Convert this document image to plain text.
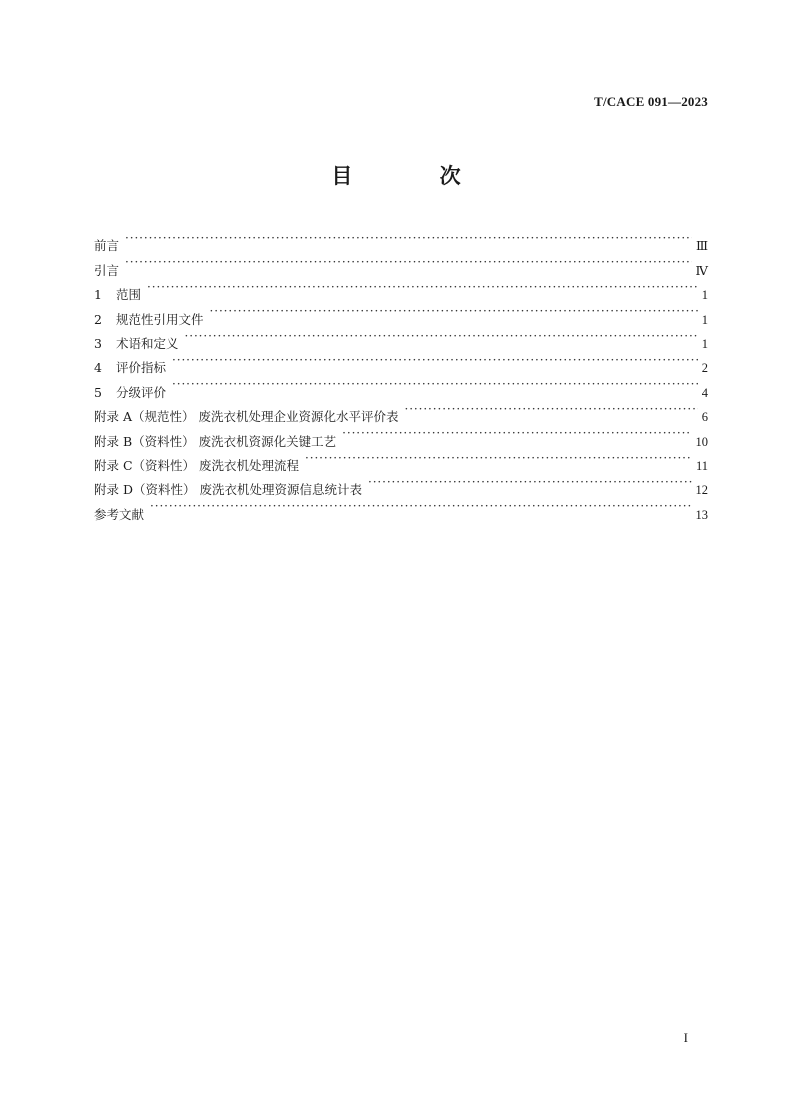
T/CACE 091—2023
目 次
前言 ·····	Ⅲ
引言 ·····	Ⅳ
1 范围 ·····	1
2 规范性引用文件 ·····	1
3 术语和定义 ·····	1
4 评价指标 ·····	2
5 分级评价 ·····	4
附录 A（规范性） 废洗衣机处理企业资源化水平评价表 ·····	6
附录 B（资料性） 废洗衣机资源化关键工艺 ·····	10
附录 C（资料性） 废洗衣机处理流程 ·····	11
附录 D（资料性） 废洗衣机处理资源信息统计表 ·····	12
参考文献 ·····	13
I
